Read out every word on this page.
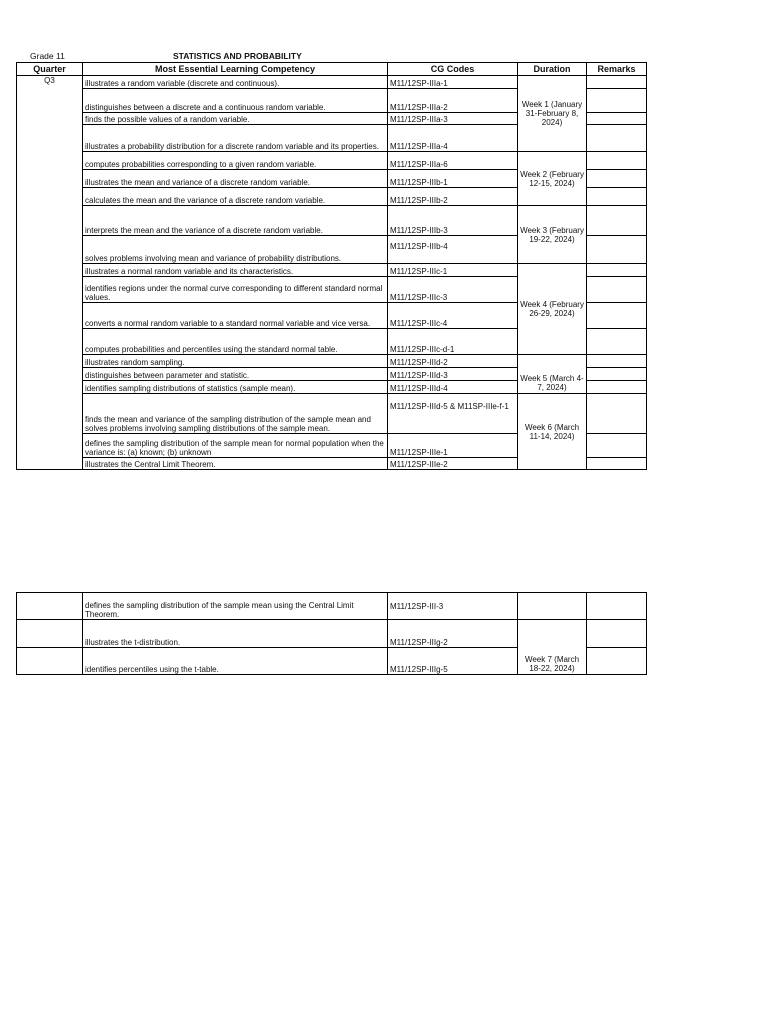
Grade 11	STATISTICS AND PROBABILITY
Quarter	Most Essential Learning Competency	CG Codes	Duration	Remarks
Q3	illustrates a random variable (discrete and continuous).	M11/12SP-IIIa-1	Week 1 (January 31-February 8, 2024)	
	distinguishes between a discrete and a continuous random variable.	M11/12SP-IIIa-2		
	finds the possible values of a random variable.	M11/12SP-IIIa-3		
	illustrates a probability distribution for a discrete random variable and its properties.	M11/12SP-IIIa-4		
	computes probabilities corresponding to a given random variable.	M11/12SP-IIIa-6	Week 2 (February 12-15, 2024)	
	illustrates the mean and variance of a discrete random variable.	M11/12SP-IIIb-1		
	calculates the mean and the variance of a discrete random variable.	M11/12SP-IIIb-2		
	interprets the mean and the variance of a discrete random variable.	M11/12SP-IIIb-3	Week 3 (February 19-22, 2024)	
	solves problems involving mean and variance of probability distributions.	M11/12SP-IIIb-4		
	illustrates a normal random variable and its characteristics.	M11/12SP-IIIc-1	Week 4 (February 26-29, 2024)	
	identifies regions under the normal curve corresponding to different standard normal values.	M11/12SP-IIIc-3		
	converts a normal random variable to a standard normal variable and vice versa.	M11/12SP-IIIc-4		
	computes probabilities and percentiles using the standard normal table.	M11/12SP-IIIc-d-1		
	illustrates random sampling.	M11/12SP-IIId-2	Week 5 (March 4-7, 2024)	
	distinguishes between parameter and statistic.	M11/12SP-IIId-3		
	identifies sampling distributions of statistics (sample mean).	M11/12SP-IIId-4		
	finds the mean and variance of the sampling distribution of the sample mean and solves problems involving sampling distributions of the sample mean.	M11/12SP-IIId-5 & M11SP-IIIe-f-1	Week 6 (March 11-14, 2024)	
	defines the sampling distribution of the sample mean for normal population when the variance is: (a) known; (b) unknown	M11/12SP-IIIe-1		
	illustrates the Central Limit Theorem.	M11/12SP-IIIe-2		
	defines the sampling distribution of the sample mean using the Central Limit Theorem.	M11/12SP-III-3		
	illustrates the t-distribution.	M11/12SP-IIIg-2	Week 7 (March 18-22, 2024)	
	identifies percentiles using the t-table.	M11/12SP-IIIg-5		
